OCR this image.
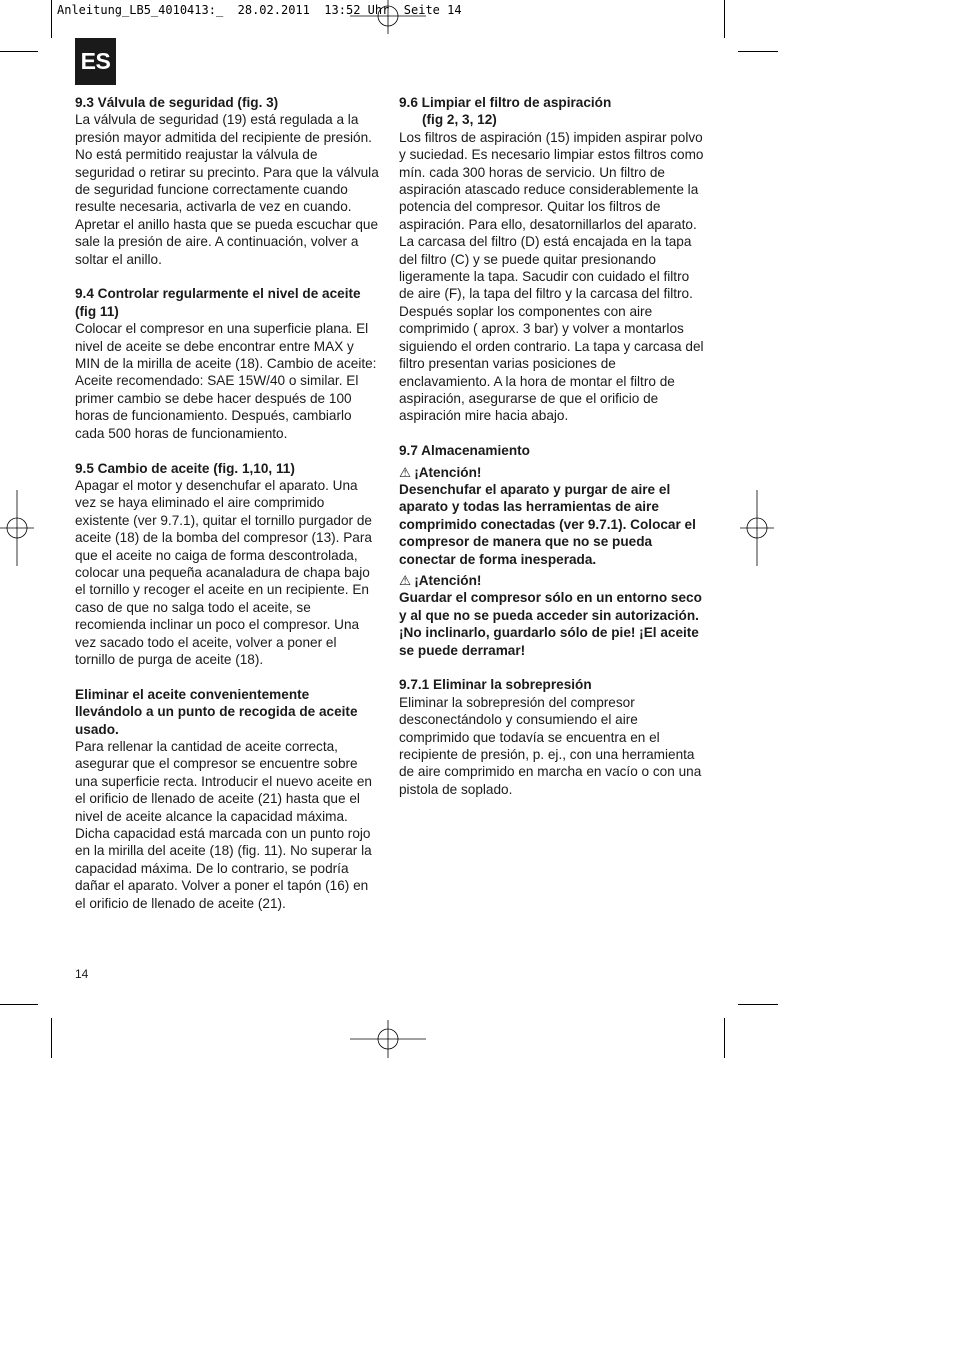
Anleitung_LB5_4010413:_  28.02.2011  13:52 Uhr  Seite 14
ES
9.3 Válvula de seguridad (fig. 3)

La válvula de seguridad (19) está regulada a la presión mayor admitida del recipiente de presión. No está permitido reajustar la válvula de seguridad o retirar su precinto. Para que la válvula de seguridad funcione correctamente cuando resulte necesaria, activarla de vez en cuando. Apretar el anillo hasta que se pueda escuchar que sale la presión de aire. A continuación, volver a soltar el anillo.

9.4 Controlar regularmente el nivel de aceite (fig 11)

Colocar el compresor en una superficie plana. El nivel de aceite se debe encontrar entre MAX y MIN de la mirilla de aceite (18). Cambio de aceite: Aceite recomendado: SAE 15W/40 o similar. El primer cambio se debe hacer después de 100 horas de funcionamiento. Después, cambiarlo cada 500 horas de funcionamiento.

9.5 Cambio de aceite (fig. 1,10, 11)

Apagar el motor y desenchufar el aparato. Una vez se haya eliminado el aire comprimido existente (ver 9.7.1), quitar el tornillo purgador de aceite (18) de la bomba del compresor (13). Para que el aceite no caiga de forma descontrolada, colocar una pequeña acanaladura de chapa bajo el tornillo y recoger el aceite en un recipiente. En caso de que no salga todo el aceite, se recomienda inclinar un poco el compresor. Una vez sacado todo el aceite, volver a poner el tornillo de purga de aceite (18).

Eliminar el aceite convenientemente llevándolo a un punto de recogida de aceite usado.

Para rellenar la cantidad de aceite correcta, asegurar que el compresor se encuentre sobre una superficie recta. Introducir el nuevo aceite en el orificio de llenado de aceite (21) hasta que el nivel de aceite alcance la capacidad máxima. Dicha capacidad está marcada con un punto rojo en la mirilla del aceite (18) (fig. 11). No superar la capacidad máxima. De lo contrario, se podría dañar el aparato. Volver a poner el tapón (16) en el orificio de llenado de aceite (21).

9.6 Limpiar el filtro de aspiración
(fig 2, 3, 12)

Los filtros de aspiración (15) impiden aspirar polvo y suciedad. Es necesario limpiar estos filtros como mín. cada 300 horas de servicio. Un filtro de aspiración atascado reduce considerablemente la potencia del compresor. Quitar los filtros de aspiración. Para ello, desatornillarlos del aparato. La carcasa del filtro (D) está encajada en la tapa del filtro (C) y se puede quitar presionando ligeramente la tapa. Sacudir con cuidado el filtro de aire (F), la tapa del filtro y la carcasa del filtro. Después soplar los componentes con aire comprimido ( aprox. 3 bar) y volver a montarlos siguiendo el orden contrario. La tapa y carcasa del filtro presentan varias posiciones de enclavamiento. A la hora de montar el filtro de aspiración, asegurarse de que el orificio de aspiración mire hacia abajo.

9.7 Almacenamiento
⚠ ¡Atención!

Desenchufar el aparato y purgar de aire el aparato y todas las herramientas de aire comprimido conectadas (ver 9.7.1). Colocar el compresor de manera que no se pueda conectar de forma inesperada.

⚠ ¡Atención!

Guardar el compresor sólo en un entorno seco y al que no se pueda acceder sin autorización. ¡No inclinarlo, guardarlo sólo de pie! ¡El aceite se puede derramar!

9.7.1 Eliminar la sobrepresión

Eliminar la sobrepresión del compresor desconectándolo y consumiendo el aire comprimido que todavía se encuentra en el recipiente de presión, p. ej., con una herramienta de aire comprimido en marcha en vacío o con una pistola de soplado.

14
